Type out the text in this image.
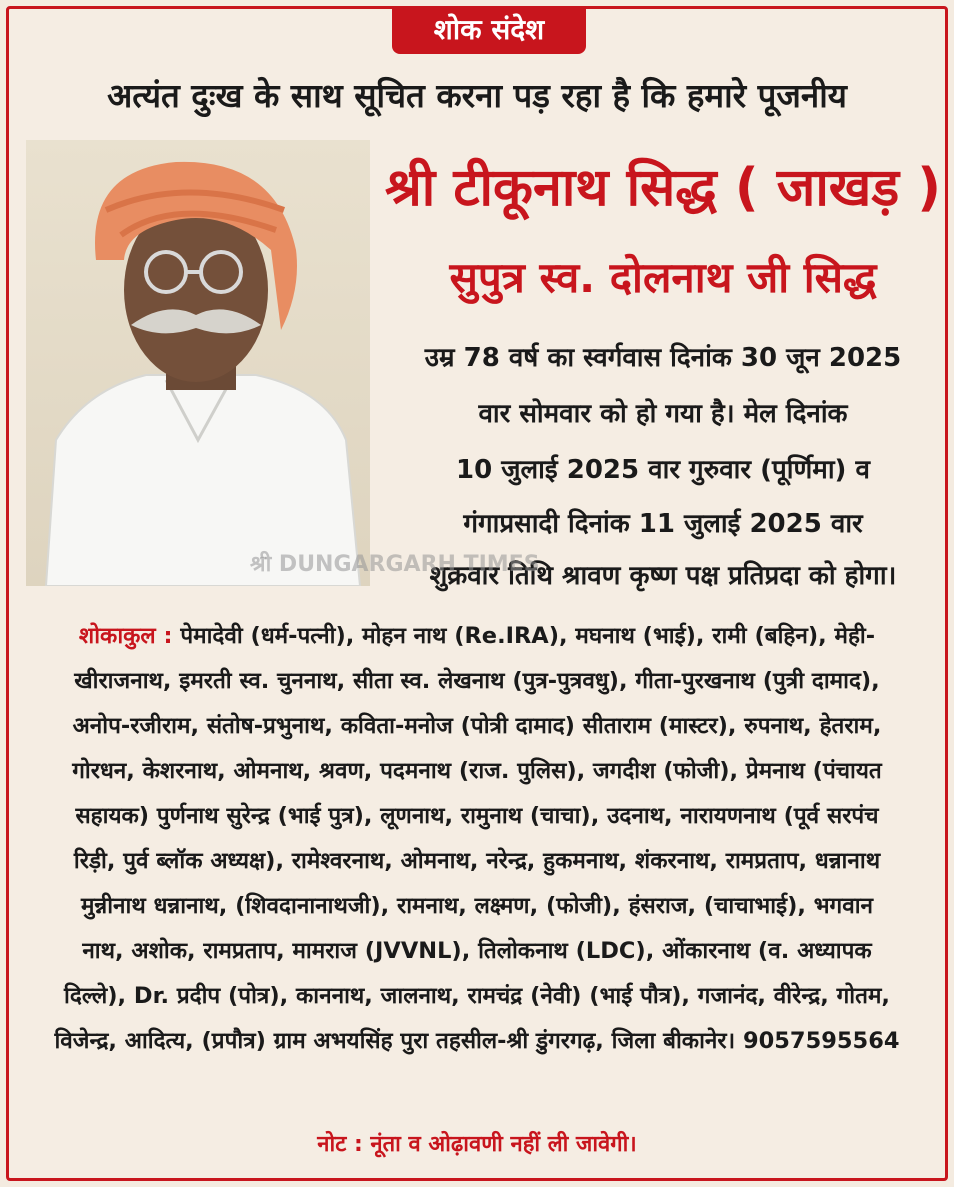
शोक संदेश
अत्यंत दुःख के साथ सूचित करना पड़ रहा है कि हमारे पूजनीय
श्री टीकूनाथ सिद्ध ( जाखड़ )
सुपुत्र स्व. दोलनाथ जी सिद्ध
उम्र 78 वर्ष का स्वर्गवास दिनांक 30 जून 2025
वार सोमवार को हो गया है। मेल दिनांक
10 जुलाई 2025 वार गुरुवार (पूर्णिमा) व
गंगाप्रसादी दिनांक 11 जुलाई 2025 वार
शुक्रवार तिथि श्रावण कृष्ण पक्ष प्रतिप्रदा को होगा।
श्री DUNGARGARH TIMES
शोकाकुल : पेमादेवी (धर्म-पत्नी), मोहन नाथ (Re.IRA), मघनाथ (भाई), रामी (बहिन), मेही-
खीराजनाथ, इमरती स्व. चुननाथ, सीता स्व. लेखनाथ (पुत्र-पुत्रवधु), गीता-पुरखनाथ (पुत्री दामाद),
अनोप-रजीराम, संतोष-प्रभुनाथ, कविता-मनोज (पोत्री दामाद) सीताराम (मास्टर), रुपनाथ, हेतराम,
गोरधन, केशरनाथ, ओमनाथ, श्रवण, पदमनाथ (राज. पुलिस), जगदीश (फोजी), प्रेमनाथ (पंचायत
सहायक) पुर्णनाथ सुरेन्द्र (भाई पुत्र), लूणनाथ, रामुनाथ (चाचा), उदनाथ, नारायणनाथ (पूर्व सरपंच
रिड़ी, पुर्व ब्लॉक अध्यक्ष), रामेश्वरनाथ, ओमनाथ, नरेन्द्र, हुकमनाथ, शंकरनाथ, रामप्रताप, धन्नानाथ
मुन्नीनाथ धन्नानाथ, (शिवदानानाथजी), रामनाथ, लक्ष्मण, (फोजी), हंसराज, (चाचाभाई), भगवान
नाथ, अशोक, रामप्रताप, मामराज (JVVNL), तिलोकनाथ (LDC), ओंकारनाथ (व. अध्यापक
दिल्ले), Dr. प्रदीप (पोत्र), काननाथ, जालनाथ, रामचंद्र (नेवी) (भाई पौत्र), गजानंद, वीरेन्द्र, गोतम,
विजेन्द्र, आदित्य, (प्रपौत्र) ग्राम अभयसिंह पुरा तहसील-श्री डुंगरगढ़, जिला बीकानेर। 9057595564
नोट : नूंता व ओढ़ावणी नहीं ली जावेगी।
